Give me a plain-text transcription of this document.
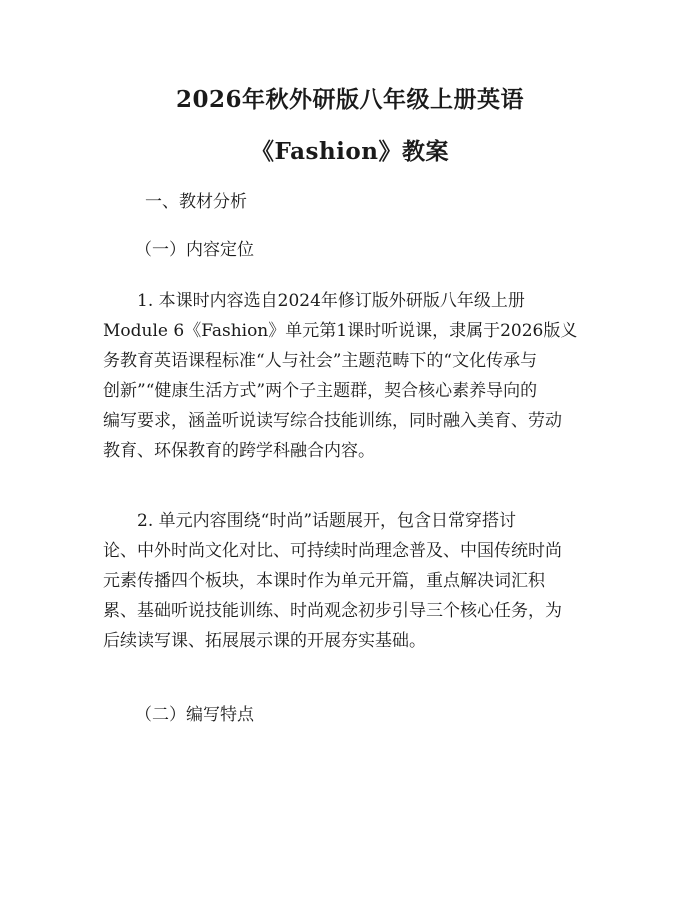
2026年秋外研版八年级上册英语
《Fashion》教案
一、教材分析
（一）内容定位
1. 本课时内容选自2024年修订版外研版八年级上册
Module 6《Fashion》单元第1课时听说课，隶属于2026版义
务教育英语课程标准“人与社会”主题范畴下的“文化传承与
创新”“健康生活方式”两个子主题群，契合核心素养导向的
编写要求，涵盖听说读写综合技能训练，同时融入美育、劳动
教育、环保教育的跨学科融合内容。
2. 单元内容围绕“时尚”话题展开，包含日常穿搭讨
论、中外时尚文化对比、可持续时尚理念普及、中国传统时尚
元素传播四个板块，本课时作为单元开篇，重点解决词汇积
累、基础听说技能训练、时尚观念初步引导三个核心任务，为
后续读写课、拓展展示课的开展夯实基础。
（二）编写特点
